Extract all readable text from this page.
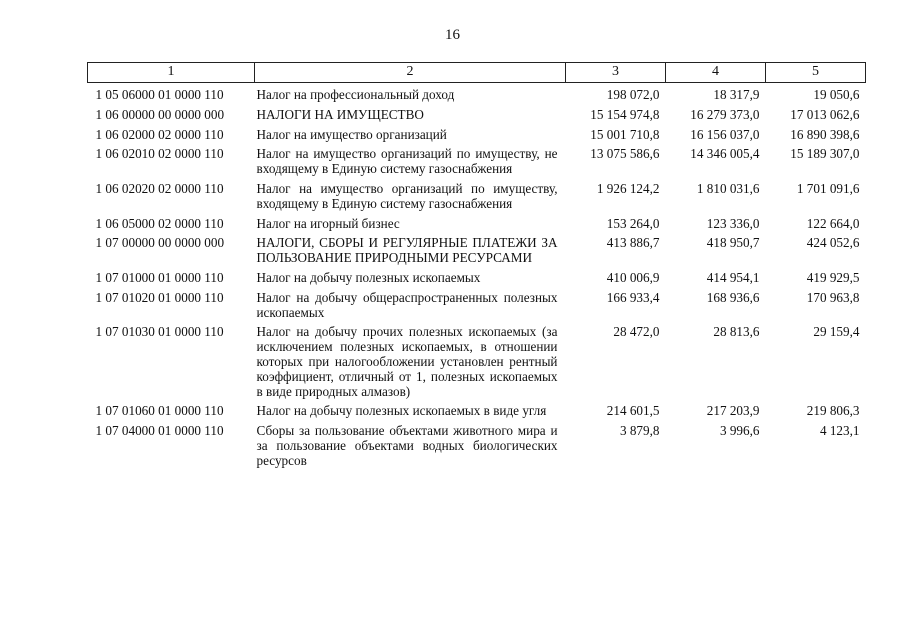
16
1	2	3	4	5
1 05 06000 01 0000 110	Налог на профессиональный доход	198 072,0	18 317,9	19 050,6
1 06 00000 00 0000 000	НАЛОГИ НА ИМУЩЕСТВО	15 154 974,8	16 279 373,0	17 013 062,6
1 06 02000 02 0000 110	Налог на имущество организаций	15 001 710,8	16 156 037,0	16 890 398,6
1 06 02010 02 0000 110	Налог на имущество организаций по имуществу, не входящему в Единую систему газоснабжения	13 075 586,6	14 346 005,4	15 189 307,0
1 06 02020 02 0000 110	Налог на имущество организаций по имуществу, входящему в Единую систему газоснабжения	1 926 124,2	1 810 031,6	1 701 091,6
1 06 05000 02 0000 110	Налог на игорный бизнес	153 264,0	123 336,0	122 664,0
1 07 00000 00 0000 000	НАЛОГИ, СБОРЫ И РЕГУЛЯРНЫЕ ПЛАТЕЖИ ЗА ПОЛЬЗОВАНИЕ ПРИРОДНЫМИ РЕСУРСАМИ	413 886,7	418 950,7	424 052,6
1 07 01000 01 0000 110	Налог на добычу полезных ископаемых	410 006,9	414 954,1	419 929,5
1 07 01020 01 0000 110	Налог на добычу общераспространенных полезных ископаемых	166 933,4	168 936,6	170 963,8
1 07 01030 01 0000 110	Налог на добычу прочих полезных ископаемых (за исключением полезных ископаемых, в отношении которых при налогообложении установлен рентный коэффициент, отличный от 1, полезных ископаемых в виде природных алмазов)	28 472,0	28 813,6	29 159,4
1 07 01060 01 0000 110	Налог на добычу полезных ископаемых в виде угля	214 601,5	217 203,9	219 806,3
1 07 04000 01 0000 110	Сборы за пользование объектами животного мира и за пользование объектами водных биологических ресурсов	3 879,8	3 996,6	4 123,1
